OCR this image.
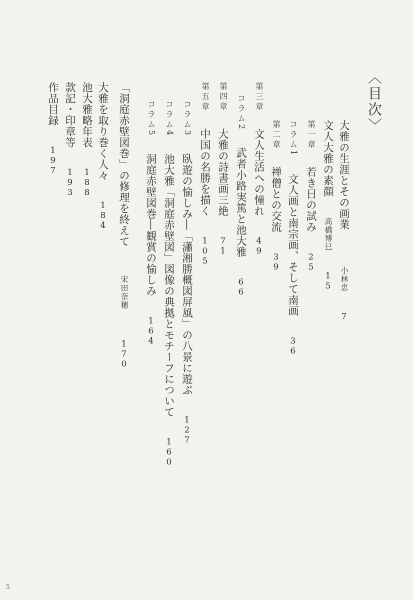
〈目次〉
大雅の生涯とその画業  小林忠  7
文人大雅の素顔  高橋博巳  15
第一章  若き日の試み  25
コラム1  文人画と南宗画、そして南画  36
第二章  禅僧との交流  39
第三章  文人生活への憧れ  49
コラム2  武者小路実篤と池大雅  66
第四章  大雅の詩書画三絶  71
第五章  中国の名勝を描く  105
コラム3  臥遊の愉しみ―「瀟湘勝概図屏風」の八景に遊ぶ  127
コラム4  池大雅「洞庭赤壁図」図像の典拠とモチーフについて  160
コラム5  洞庭赤壁図巻―観賞の愉しみ  164
「洞庭赤壁図巻」の修理を終えて  宋田奈穂  170
大雅を取り巻く人々  184
池大雅略年表  188
款記・印章等  193
作品目録  197
5
